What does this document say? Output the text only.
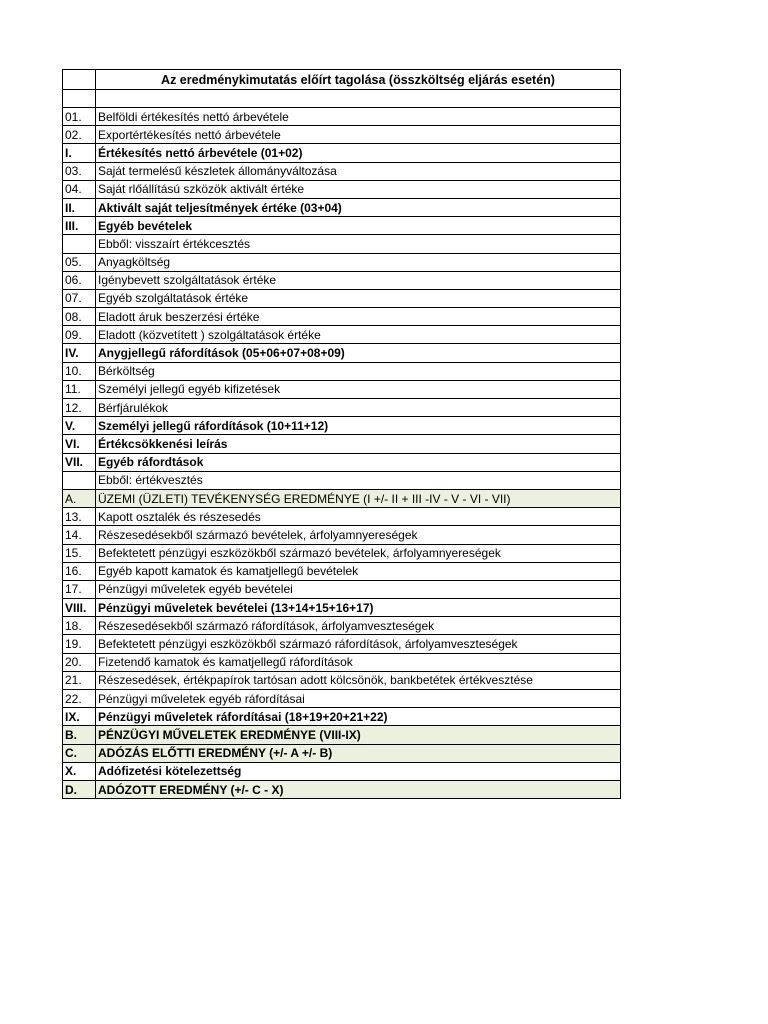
	Az eredménykimutatás előírt tagolása (összköltség eljárás esetén)

01.	Belföldi értékesítés nettó árbevétele
02.	Exportértékesítés nettó árbevétele
I.	Értékesítés nettó árbevétele (01+02)
03.	Saját termelésű készletek állományváltozása
04.	Saját rlőállítású szközök aktivált értéke
II.	Aktivált saját teljesítmények értéke (03+04)
III.	Egyéb bevételek
	Ebből: visszaírt értékcesztés
05.	Anyagköltség
06.	Igénybevett szolgáltatások értéke
07.	Egyéb szolgáltatások értéke
08.	Eladott áruk beszerzési értéke
09.	Eladott (közvetített ) szolgáltatások értéke
IV.	Anygjellegű ráfordítások (05+06+07+08+09)
10.	Bérköltség
11.	Személyi jellegű egyéb kifizetések
12.	Bérfjárulékok
V.	Személyi jellegű ráfordítások (10+11+12)
VI.	Értékcsökkenési leírás
VII.	Egyéb ráfordtások
	Ebből: értékvesztés
A.	ÜZEMI (ÜZLETI) TEVÉKENYSÉG EREDMÉNYE (I +/- II + III -IV - V - VI - VII)
13.	Kapott osztalék és részesedés
14.	Részesedésekből származó bevételek, árfolyamnyereségek
15.	Befektetett pénzügyi eszközökből származó bevételek, árfolyamnyereségek
16.	Egyéb kapott kamatok és kamatjellegű bevételek
17.	Pénzügyi műveletek egyéb bevételei
VIII.	Pénzügyi műveletek bevételei (13+14+15+16+17)
18.	Részesedésekből származó ráfordítások, árfolyamveszteségek
19.	Befektetett pénzügyi eszközökből származó ráfordítások, árfolyamveszteségek
20.	Fizetendő kamatok és kamatjellegű ráfordítások
21.	Részesedések, értékpapírok tartósan adott kölcsönök, bankbetétek értékvesztése
22.	Pénzügyi műveletek egyéb ráfordításai
IX.	Pénzügyi műveletek ráfordításai (18+19+20+21+22)
B.	PÉNZÜGYI MŰVELETEK EREDMÉNYE (VIII-IX)
C.	ADÓZÁS ELŐTTI EREDMÉNY (+/- A +/- B)
X.	Adófizetési kötelezettség
D.	ADÓZOTT EREDMÉNY (+/- C - X)
